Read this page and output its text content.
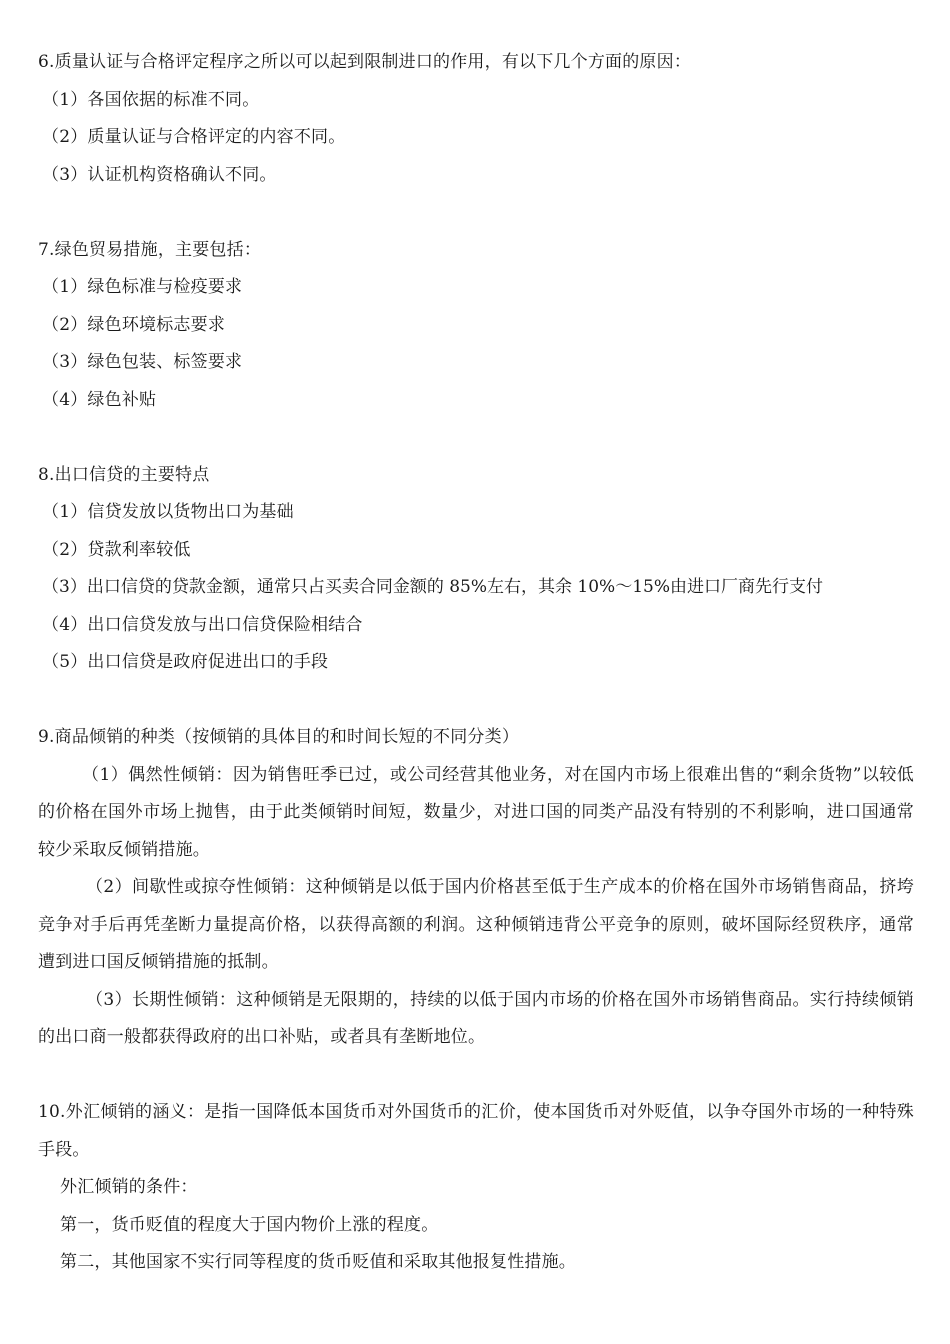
6.质量认证与合格评定程序之所以可以起到限制进口的作用，有以下几个方面的原因：
（1）各国依据的标准不同。
（2）质量认证与合格评定的内容不同。
（3）认证机构资格确认不同。
7.绿色贸易措施，主要包括：
（1）绿色标准与检疫要求
（2）绿色环境标志要求
（3）绿色包装、标签要求
（4）绿色补贴
8.出口信贷的主要特点
（1）信贷发放以货物出口为基础
（2）贷款利率较低
（3）出口信贷的贷款金额，通常只占买卖合同金额的 85%左右，其余 10%～15%由进口厂商先行支付
（4）出口信贷发放与出口信贷保险相结合
（5）出口信贷是政府促进出口的手段
9.商品倾销的种类（按倾销的具体目的和时间长短的不同分类）

（1）偶然性倾销：因为销售旺季已过，或公司经营其他业务，对在国内市场上很难出售的“剩余货物”以较低的价格在国外市场上抛售，由于此类倾销时间短，数量少，对进口国的同类产品没有特别的不利影响，进口国通常较少采取反倾销措施。

（2）间歇性或掠夺性倾销：这种倾销是以低于国内价格甚至低于生产成本的价格在国外市场销售商品，挤垮竞争对手后再凭垄断力量提高价格，以获得高额的利润。这种倾销违背公平竞争的原则，破坏国际经贸秩序，通常遭到进口国反倾销措施的抵制。

（3）长期性倾销：这种倾销是无限期的，持续的以低于国内市场的价格在国外市场销售商品。实行持续倾销的出口商一般都获得政府的出口补贴，或者具有垄断地位。

10.外汇倾销的涵义：是指一国降低本国货币对外国货币的汇价，使本国货币对外贬值，以争夺国外市场的一种特殊手段。

外汇倾销的条件：
第一，货币贬值的程度大于国内物价上涨的程度。
第二，其他国家不实行同等程度的货币贬值和采取其他报复性措施。
